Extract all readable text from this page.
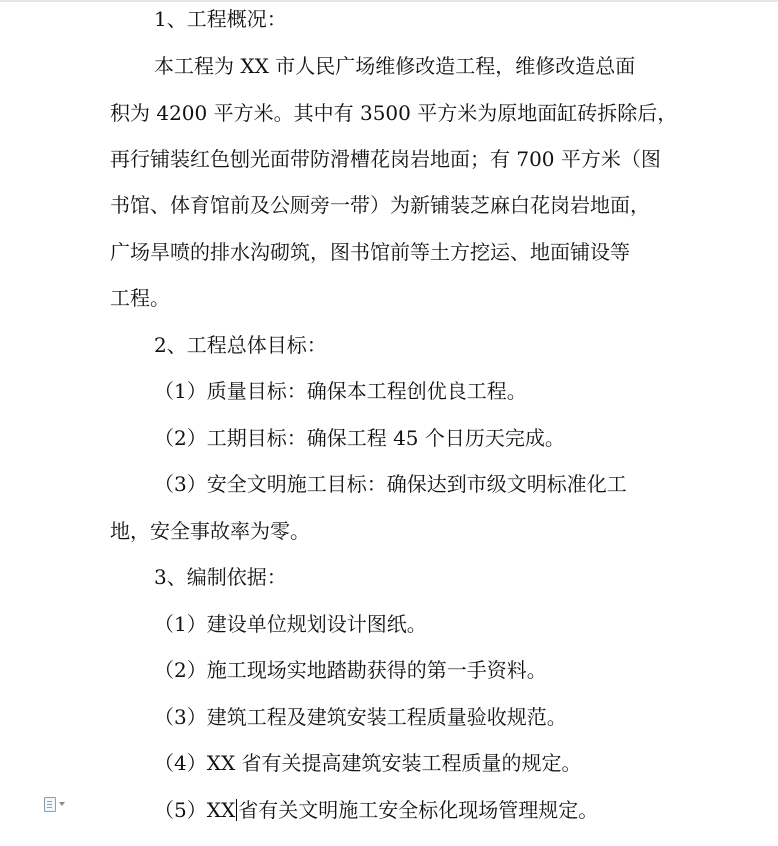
1、工程概况：
本工程为 XX 市人民广场维修改造工程，维修改造总面
积为 4200 平方米。其中有 3500 平方米为原地面缸砖拆除后，
再行铺装红色刨光面带防滑槽花岗岩地面；有 700 平方米（图
书馆、体育馆前及公厕旁一带）为新铺装芝麻白花岗岩地面，
广场旱喷的排水沟砌筑，图书馆前等土方挖运、地面铺设等
工程。
2、工程总体目标：
（1）质量目标：确保本工程创优良工程。
（2）工期目标：确保工程 45 个日历天完成。
（3）安全文明施工目标：确保达到市级文明标准化工
地，安全事故率为零。
3、编制依据：
（1）建设单位规划设计图纸。
（2）施工现场实地踏勘获得的第一手资料。
（3）建筑工程及建筑安装工程质量验收规范。
（4）XX 省有关提高建筑安装工程质量的规定。
（5）XX 省有关文明施工安全标化现场管理规定。
